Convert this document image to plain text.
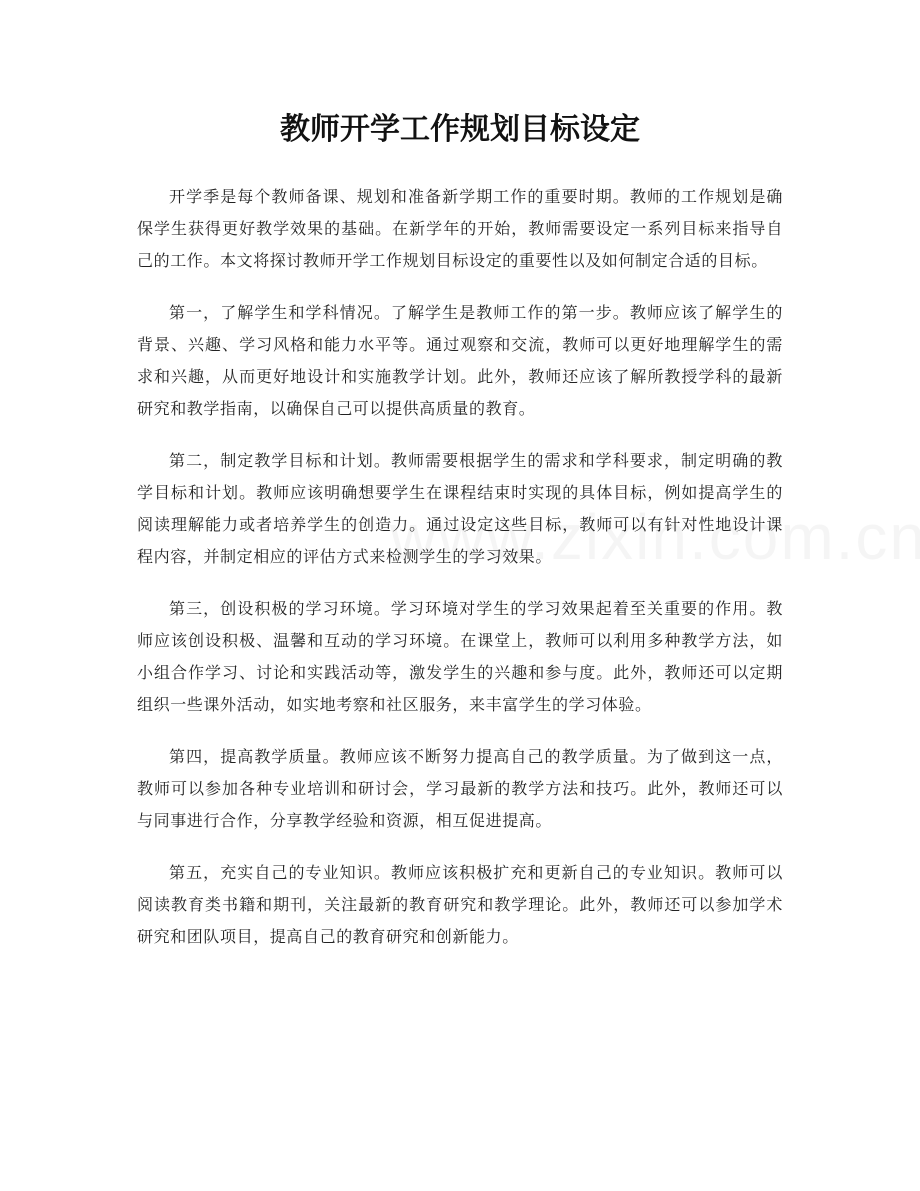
教师开学工作规划目标设定

开学季是每个教师备课、规划和准备新学期工作的重要时期。教师的工作规划是确保学生获得更好教学效果的基础。在新学年的开始，教师需要设定一系列目标来指导自己的工作。本文将探讨教师开学工作规划目标设定的重要性以及如何制定合适的目标。

第一，了解学生和学科情况。了解学生是教师工作的第一步。教师应该了解学生的背景、兴趣、学习风格和能力水平等。通过观察和交流，教师可以更好地理解学生的需求和兴趣，从而更好地设计和实施教学计划。此外，教师还应该了解所教授学科的最新研究和教学指南，以确保自己可以提供高质量的教育。

第二，制定教学目标和计划。教师需要根据学生的需求和学科要求，制定明确的教学目标和计划。教师应该明确想要学生在课程结束时实现的具体目标，例如提高学生的阅读理解能力或者培养学生的创造力。通过设定这些目标，教师可以有针对性地设计课程内容，并制定相应的评估方式来检测学生的学习效果。

第三，创设积极的学习环境。学习环境对学生的学习效果起着至关重要的作用。教师应该创设积极、温馨和互动的学习环境。在课堂上，教师可以利用多种教学方法，如小组合作学习、讨论和实践活动等，激发学生的兴趣和参与度。此外，教师还可以定期组织一些课外活动，如实地考察和社区服务，来丰富学生的学习体验。

第四，提高教学质量。教师应该不断努力提高自己的教学质量。为了做到这一点，教师可以参加各种专业培训和研讨会，学习最新的教学方法和技巧。此外，教师还可以与同事进行合作，分享教学经验和资源，相互促进提高。

第五，充实自己的专业知识。教师应该积极扩充和更新自己的专业知识。教师可以阅读教育类书籍和期刊，关注最新的教育研究和教学理论。此外，教师还可以参加学术研究和团队项目，提高自己的教育研究和创新能力。
